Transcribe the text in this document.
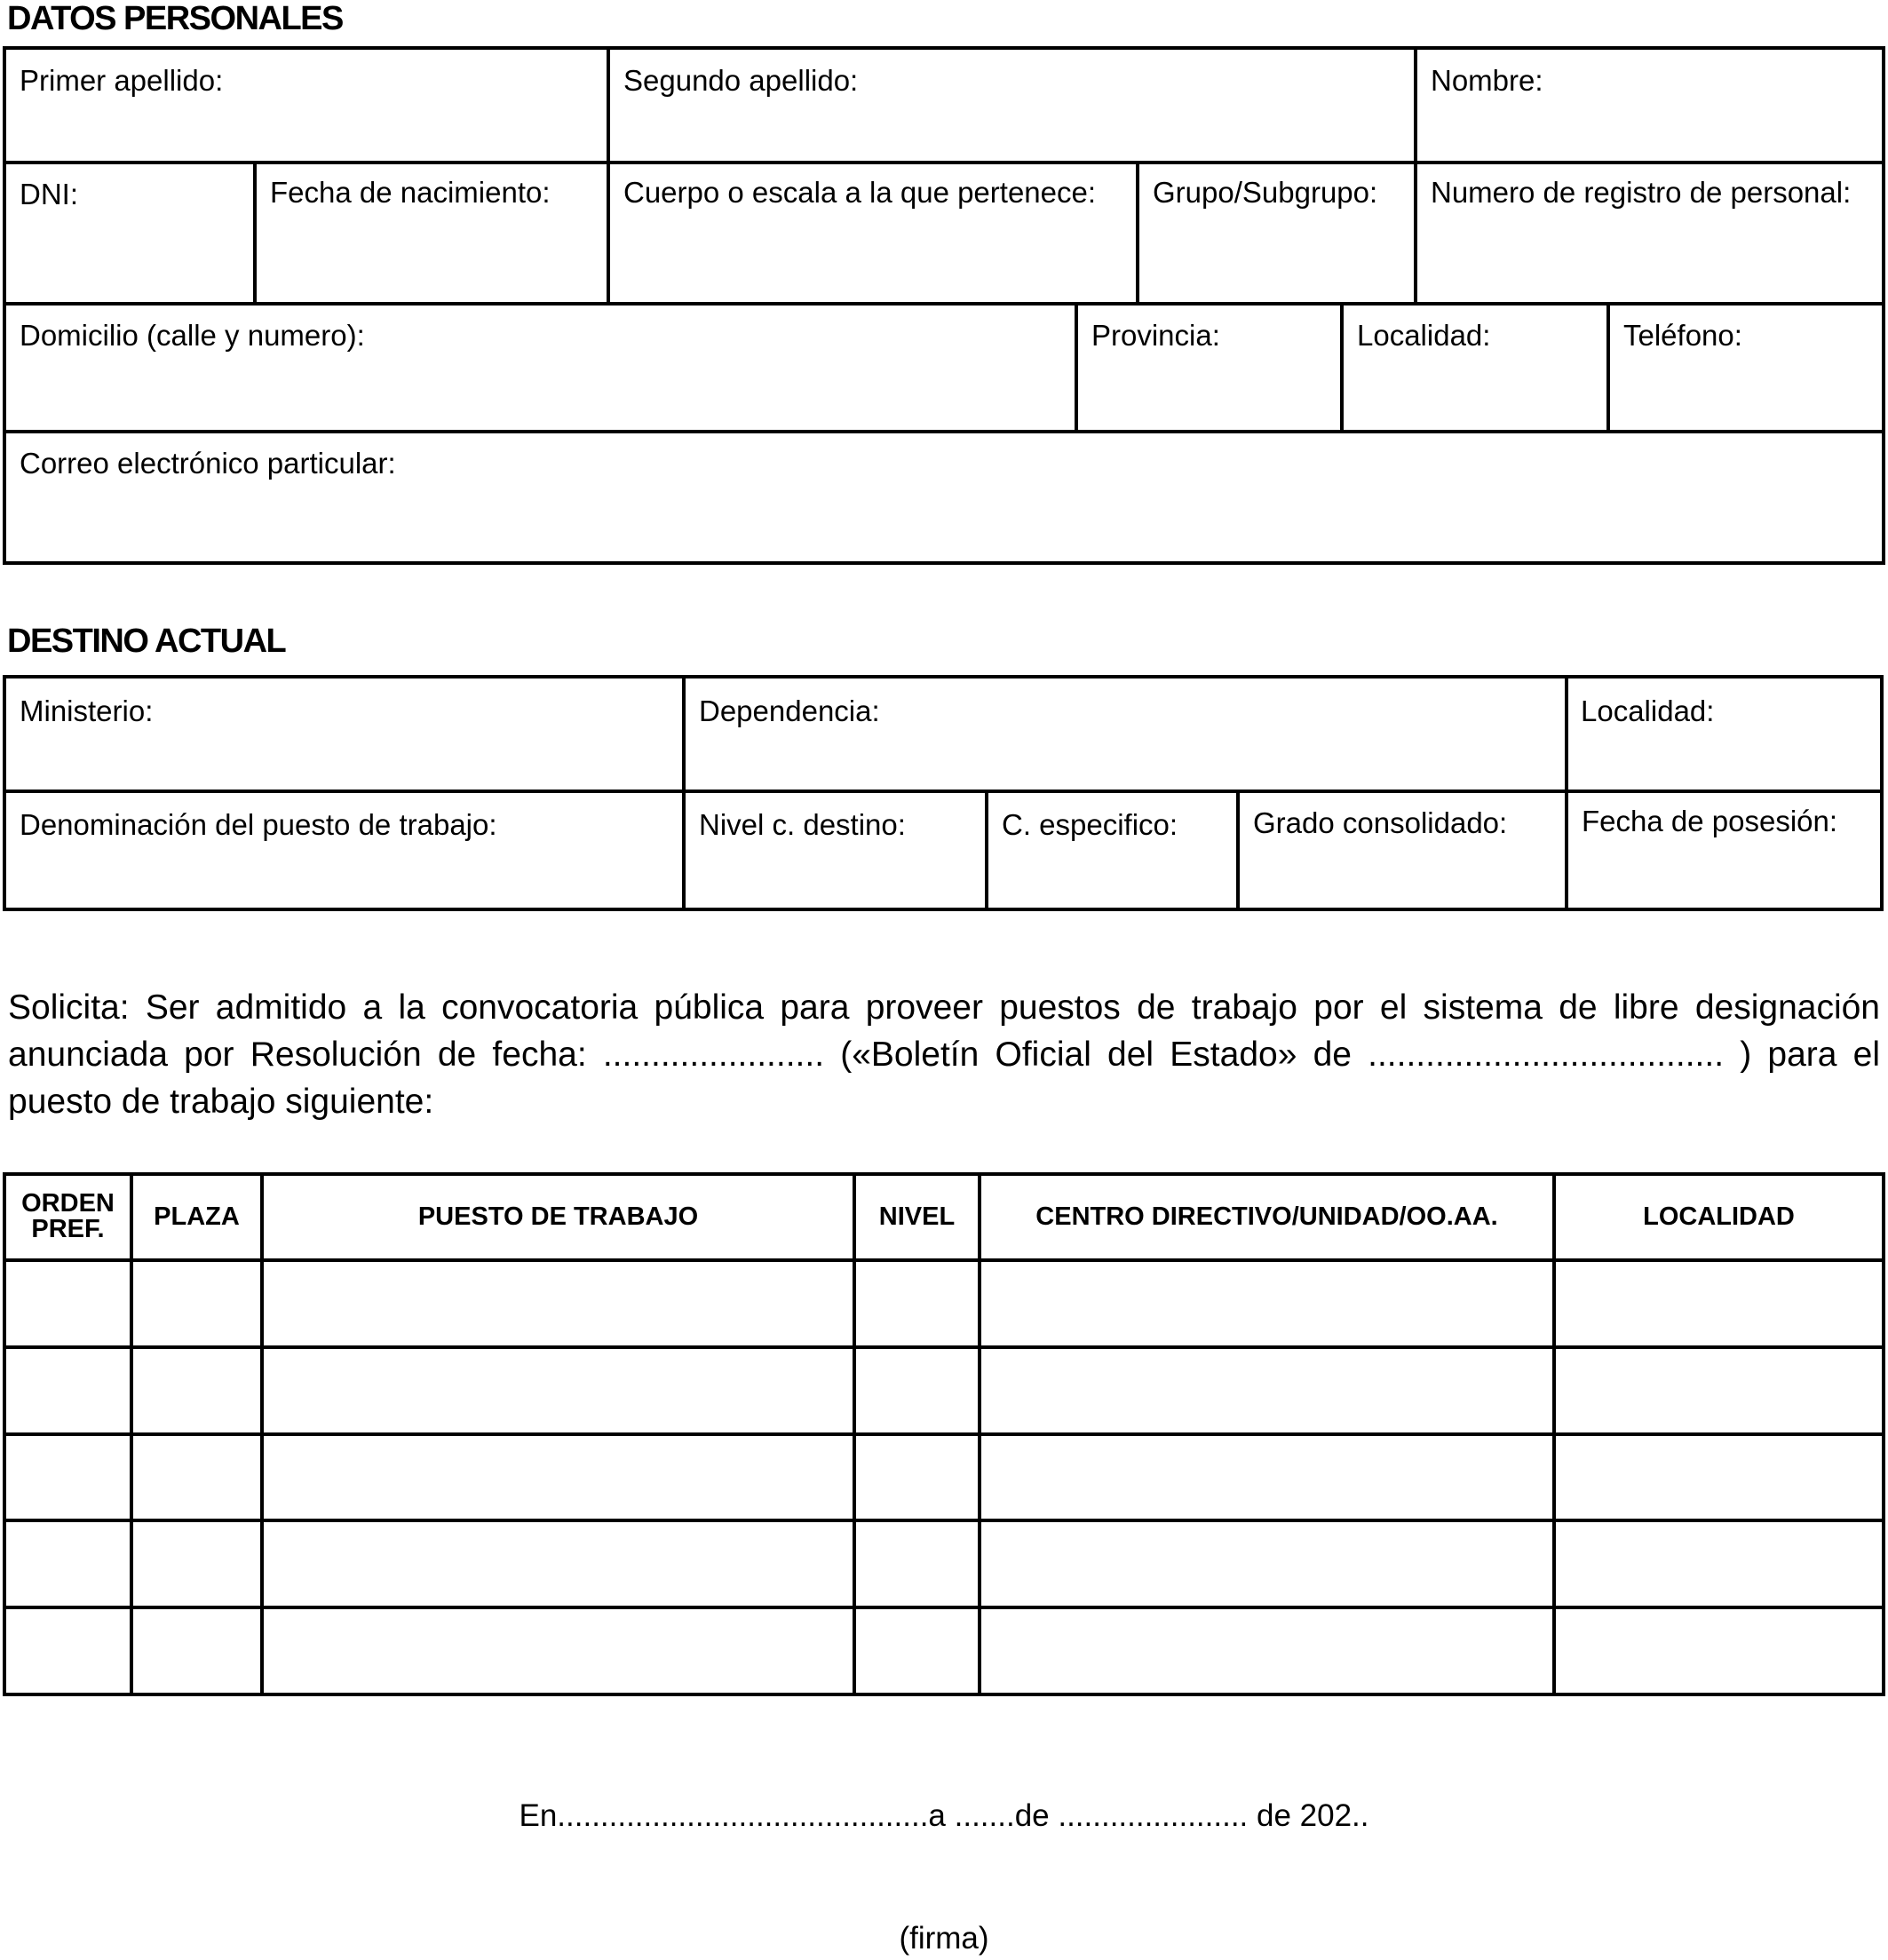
DATOS PERSONALES
Primer apellido:	Segundo apellido:	Nombre:
DNI:	Fecha de nacimiento: Cuerpo o escala a la que pertenece: Grupo/Subgrupo: Numero de registro de personal:
Domicilio (calle y numero):	Provincia:	Localidad:	Teléfono:
Correo electrónico particular:
DESTINO ACTUAL
Ministerio:	Dependencia:	Localidad:
Denominación del puesto de trabajo:	Nivel c. destino:	C. especifico:	Grado consolidado:	Fecha de posesión:

Solicita: Ser admitido a la convocatoria pública para proveer puestos de trabajo por el sistema de libre designación anunciada por Resolución de fecha: ....................... («Boletín Oficial del Estado» de ..................................... ) para el puesto de trabajo siguiente:

ORDEN
PREF.	PLAZA	PUESTO DE TRABAJO	NIVEL	CENTRO DIRECTIVO/UNIDAD/OO.AA.	LOCALIDAD
En...........................................a .......de ...................... de 202..
(firma)
